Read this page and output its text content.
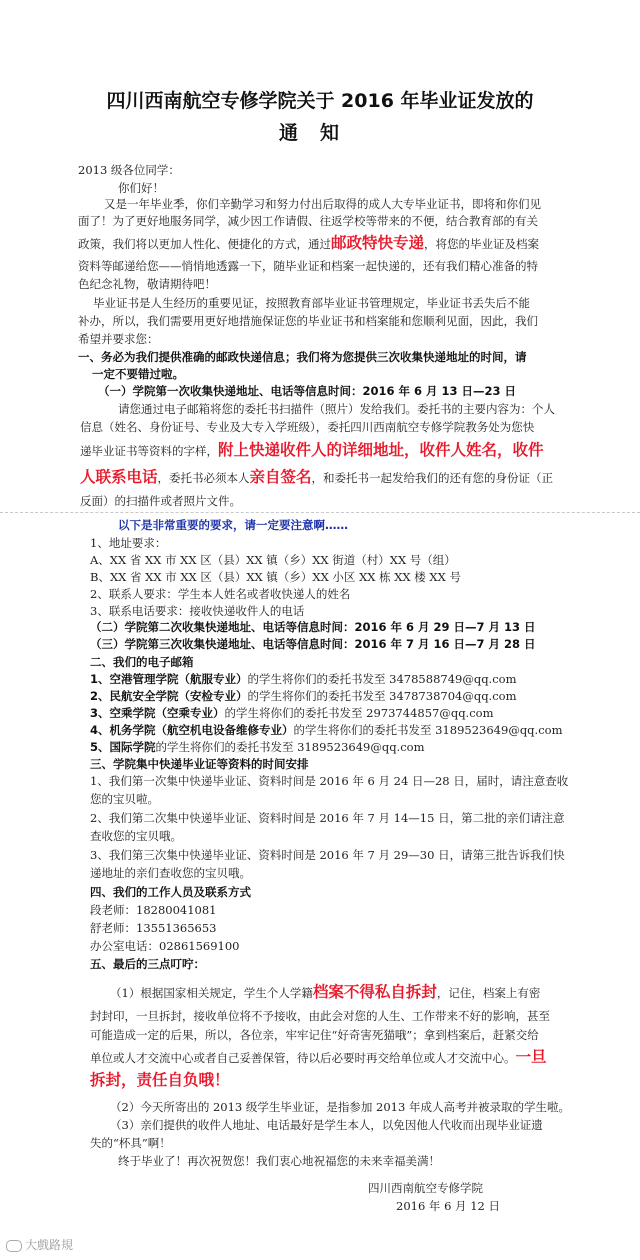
四川西南航空专修学院关于 2016 年毕业证发放的
通知
2013 级各位同学：
你们好！
又是一年毕业季，你们辛勤学习和努力付出后取得的成人大专毕业证书，即将和你们见
面了！为了更好地服务同学，减少因工作请假、往返学校等带来的不便，结合教育部的有关
政策，我们将以更加人性化、便捷化的方式，通过邮政特快专递，将您的毕业证及档案
资料等邮递给您——悄悄地透露一下，随毕业证和档案一起快递的，还有我们精心准备的特
色纪念礼物，敬请期待吧！
毕业证书是人生经历的重要见证，按照教育部毕业证书管理规定，毕业证书丢失后不能
补办，所以，我们需要用更好地措施保证您的毕业证书和档案能和您顺利见面，因此，我们
希望并要求您：
一、务必为我们提供准确的邮政快递信息；我们将为您提供三次收集快递地址的时间，请
一定不要错过啦。
（一）学院第一次收集快递地址、电话等信息时间：2016 年 6 月 13 日—23 日
请您通过电子邮箱将您的委托书扫描件（照片）发给我们。委托书的主要内容为：个人
信息（姓名、身份证号、专业及大专入学班级），委托四川西南航空专修学院教务处为您快
递毕业证书等资料的字样，附上快递收件人的详细地址，收件人姓名，收件
人联系电话，委托书必须本人亲自签名，和委托书一起发给我们的还有您的身份证（正
反面）的扫描件或者照片文件。
以下是非常重要的要求，请一定要注意啊……
1、地址要求：
A、XX 省 XX 市 XX 区（县）XX 镇（乡）XX 街道（村）XX 号（组）
B、XX 省 XX 市 XX 区（县）XX 镇（乡）XX 小区 XX 栋 XX 楼 XX 号
2、联系人要求：学生本人姓名或者收快递人的姓名
3、联系电话要求：接收快递收件人的电话
（二）学院第二次收集快递地址、电话等信息时间：2016 年 6 月 29 日—7 月 13 日
（三）学院第三次收集快递地址、电话等信息时间：2016 年 7 月 16 日—7 月 28 日
二、我们的电子邮箱
1、空港管理学院（航服专业）的学生将你们的委托书发至 3478588749@qq.com
2、民航安全学院（安检专业）的学生将你们的委托书发至 3478738704@qq.com
3、空乘学院（空乘专业）的学生将你们的委托书发至 2973744857@qq.com
4、机务学院（航空机电设备维修专业）的学生将你们的委托书发至 3189523649@qq.com
5、国际学院的学生将你们的委托书发至 3189523649@qq.com
三、学院集中快递毕业证等资料的时间安排
1、我们第一次集中快递毕业证、资料时间是 2016 年 6 月 24 日—28 日，届时，请注意查收
您的宝贝啦。
2、我们第二次集中快递毕业证、资料时间是 2016 年 7 月 14—15 日，第二批的亲们请注意
查收您的宝贝哦。
3、我们第三次集中快递毕业证、资料时间是 2016 年 7 月 29—30 日，请第三批告诉我们快
递地址的亲们查收您的宝贝哦。
四、我们的工作人员及联系方式
段老师：18280041081
舒老师：13551365653
办公室电话：02861569100
五、最后的三点叮咛：
（1）根据国家相关规定，学生个人学籍档案不得私自拆封，记住，档案上有密
封封印，一旦拆封，接收单位将不予接收，由此会对您的人生、工作带来不好的影响，甚至
可能造成一定的后果，所以，各位亲，牢牢记住“好奇害死猫哦”；拿到档案后，赶紧交给
单位或人才交流中心或者自己妥善保管，待以后必要时再交给单位或人才交流中心。一旦
拆封，责任自负哦！
（2）今天所寄出的 2013 级学生毕业证，是指参加 2013 年成人高考并被录取的学生啦。
（3）亲们提供的收件人地址、电话最好是学生本人，以免因他人代收而出现毕业证遗
失的“杯具”啊！
终于毕业了！再次祝贺您！我们衷心地祝福您的未来幸福美满！
四川西南航空专修学院
2016 年 6 月 12 日
大戲路規
